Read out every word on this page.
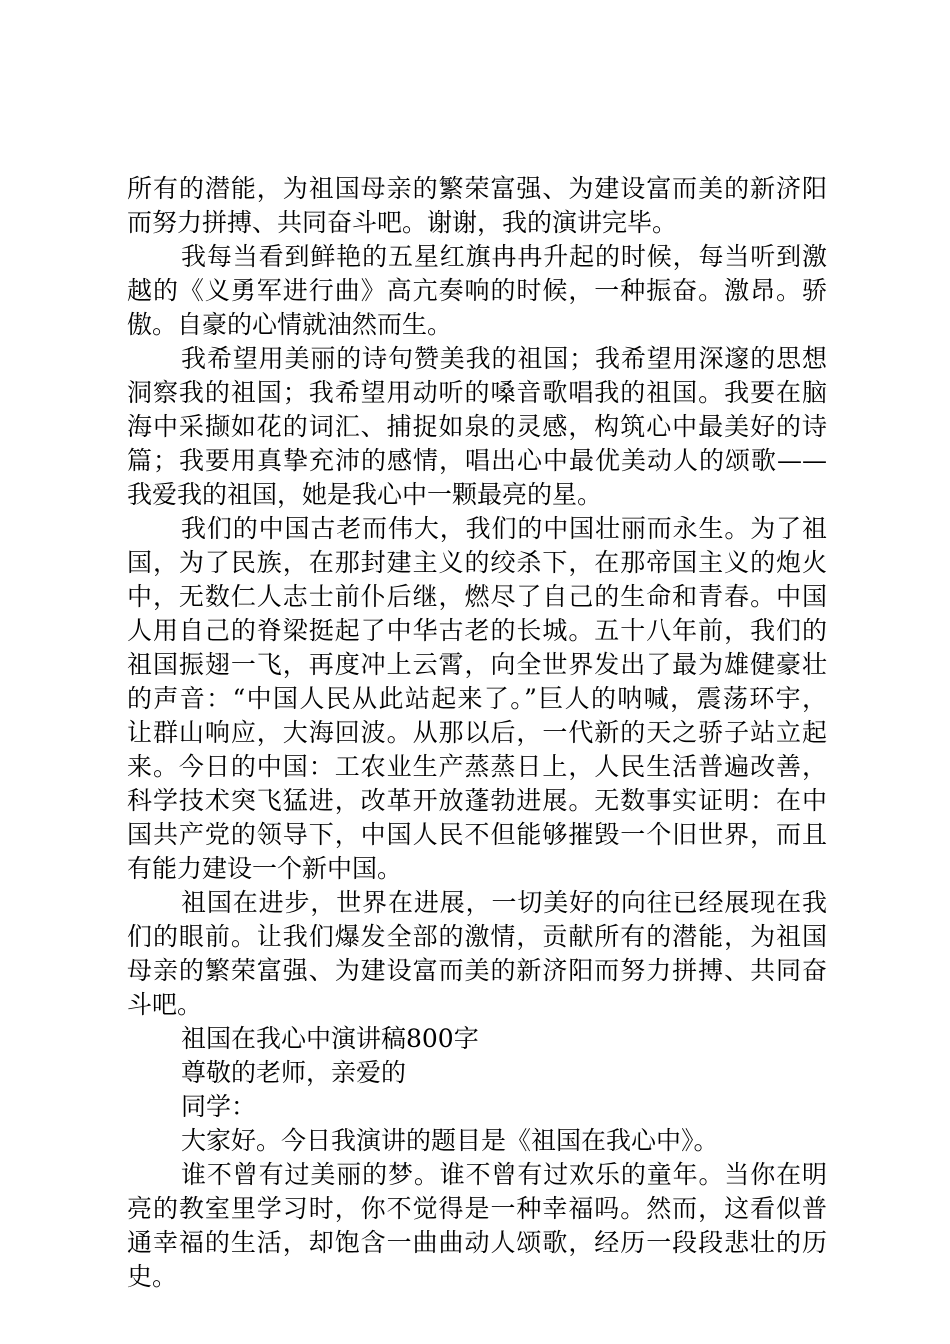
所有的潜能，为祖国母亲的繁荣富强、为建设富而美的新济阳
而努力拼搏、共同奋斗吧。谢谢，我的演讲完毕。
我每当看到鲜艳的五星红旗冉冉升起的时候，每当听到激
越的《义勇军进行曲》高亢奏响的时候，一种振奋。激昂。骄
傲。自豪的心情就油然而生。
我希望用美丽的诗句赞美我的祖国；我希望用深邃的思想
洞察我的祖国；我希望用动听的嗓音歌唱我的祖国。我要在脑
海中采撷如花的词汇、捕捉如泉的灵感，构筑心中最美好的诗
篇；我要用真挚充沛的感情，唱出心中最优美动人的颂歌——
我爱我的祖国，她是我心中一颗最亮的星。
我们的中国古老而伟大，我们的中国壮丽而永生。为了祖
国，为了民族，在那封建主义的绞杀下，在那帝国主义的炮火
中，无数仁人志士前仆后继，燃尽了自己的生命和青春。中国
人用自己的脊梁挺起了中华古老的长城。五十八年前，我们的
祖国振翅一飞，再度冲上云霄，向全世界发出了最为雄健豪壮
的声音：“中国人民从此站起来了。”巨人的呐喊，震荡环宇，
让群山响应，大海回波。从那以后，一代新的天之骄子站立起
来。今日的中国：工农业生产蒸蒸日上，人民生活普遍改善，
科学技术突飞猛进，改革开放蓬勃进展。无数事实证明：在中
国共产党的领导下，中国人民不但能够摧毁一个旧世界，而且
有能力建设一个新中国。
祖国在进步，世界在进展，一切美好的向往已经展现在我
们的眼前。让我们爆发全部的激情，贡献所有的潜能，为祖国
母亲的繁荣富强、为建设富而美的新济阳而努力拼搏、共同奋
斗吧。
祖国在我心中演讲稿800字
尊敬的老师，亲爱的
同学：
大家好。今日我演讲的题目是《祖国在我心中》。
谁不曾有过美丽的梦。谁不曾有过欢乐的童年。当你在明
亮的教室里学习时，你不觉得是一种幸福吗。然而，这看似普
通幸福的生活，却饱含一曲曲动人颂歌，经历一段段悲壮的历
史。
